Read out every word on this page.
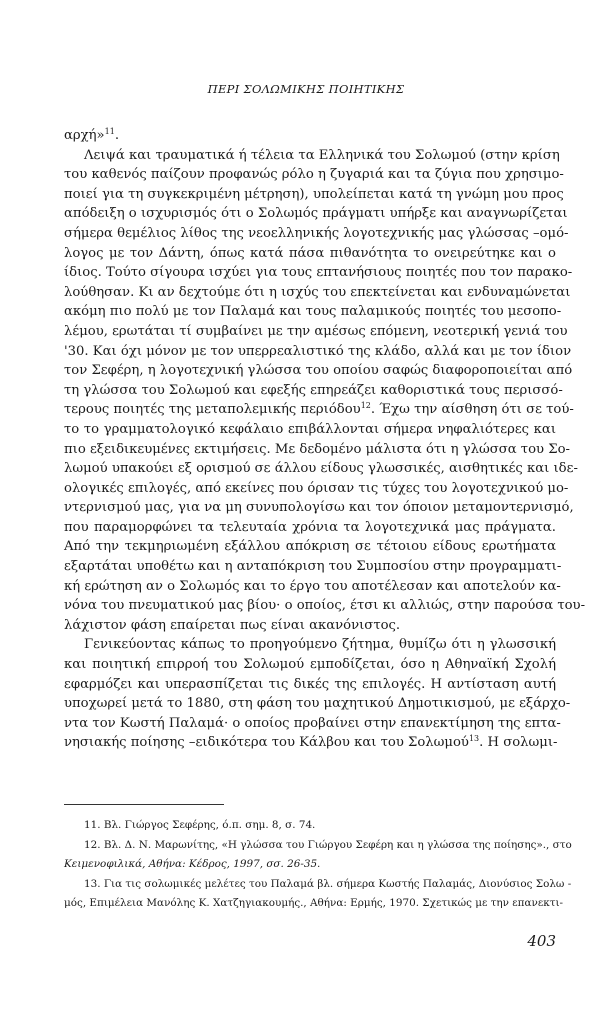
ΠΕΡΙ ΣΟΛΩΜΙΚΗΣ ΠΟΙΗΤΙΚΗΣ
αρχή»$^{11}$.
Λειψά και τραυματικά ή τέλεια τα Ελληνικά του Σολωμού (στην κρίση
του καθενός παίζουν προφανώς ρόλο η ζυγαριά και τα ζύγια που χρησιμο-
ποιεί για τη συγκεκριμένη μέτρηση), υπολείπεται κατά τη γνώμη μου προς
απόδειξη ο ισχυρισμός ότι ο Σολωμός πράγματι υπήρξε και αναγνωρίζεται
σήμερα θεμέλιος λίθος της νεοελληνικής λογοτεχνικής μας γλώσσας –ομό-
λογος με τον Δάντη, όπως κατά πάσα πιθανότητα το ονειρεύτηκε και ο
ίδιος. Τούτο σίγουρα ισχύει για τους επτανήσιους ποιητές που τον παρακο-
λούθησαν. Κι αν δεχτούμε ότι η ισχύς του επεκτείνεται και ενδυναμώνεται
ακόμη πιο πολύ με τον Παλαμά και τους παλαμικούς ποιητές του μεσοπο-
λέμου, ερωτάται τί συμβαίνει με την αμέσως επόμενη, νεοτερική γενιά του
'30. Και όχι μόνον με τον υπερρεαλιστικό της κλάδο, αλλά και με τον ίδιον
τον Σεφέρη, η λογοτεχνική γλώσσα του οποίου σαφώς διαφοροποιείται από
τη γλώσσα του Σολωμού και εφεξής επηρεάζει καθοριστικά τους περισσό-
τερους ποιητές της μεταπολεμικής περιόδου$^{12}$. Έχω την αίσθηση ότι σε τού-
το το γραμματολογικό κεφάλαιο επιβάλλονται σήμερα νηφαλιότερες και
πιο εξειδικευμένες εκτιμήσεις. Με δεδομένο μάλιστα ότι η γλώσσα του Σο-
λωμού υπακούει εξ ορισμού σε άλλου είδους γλωσσικές, αισθητικές και ιδε-
ολογικές επιλογές, από εκείνες που όρισαν τις τύχες του λογοτεχνικού μο-
ντερνισμού μας, για να μη συνυπολογίσω και τον όποιον μεταμοντερνισμό,
που παραμορφώνει τα τελευταία χρόνια τα λογοτεχνικά μας πράγματα.
Από την τεκμηριωμένη εξάλλου απόκριση σε τέτοιου είδους ερωτήματα
εξαρτάται υποθέτω και η ανταπόκριση του Συμποσίου στην προγραμματι-
κή ερώτηση αν ο Σολωμός και το έργο του αποτέλεσαν και αποτελούν κα-
νόνα του πνευματικού μας βίου· ο οποίος, έτσι κι αλλιώς, στην παρούσα του-
λάχιστον φάση επαίρεται πως είναι ακανόνιστος.
Γενικεύοντας κάπως το προηγούμενο ζήτημα, θυμίζω ότι η γλωσσική
και ποιητική επιρροή του Σολωμού εμποδίζεται, όσο η Αθηναϊκή Σχολή
εφαρμόζει και υπερασπίζεται τις δικές της επιλογές. Η αντίσταση αυτή
υποχωρεί μετά το 1880, στη φάση του μαχητικού Δημοτικισμού, με εξάρχο-
ντα τον Κωστή Παλαμά· ο οποίος προβαίνει στην επανεκτίμηση της επτα-
νησιακής ποίησης –ειδικότερα του Κάλβου και του Σολωμού$^{13}$. Η σολωμι-
11. Βλ. Γιώργος Σεφέρης, ό.π. σημ. 8, σ. 74.
12. Βλ. Δ. Ν. Μαρωνίτης, «Η γλώσσα του Γιώργου Σεφέρη και η γλώσσα της ποίησης»., στο
Κειμενοφιλικά, Αθήνα: Κέδρος, 1997, σσ. 26-35.
13. Για τις σολωμικές μελέτες του Παλαμά βλ. σήμερα Κωστής Παλαμάς, Διονύσιος Σολω -
μός, Επιμέλεια Μανόλης Κ. Χατζηγιακουμής., Αθήνα: Ερμής, 1970. Σχετικώς με την επανεκτι-
403
